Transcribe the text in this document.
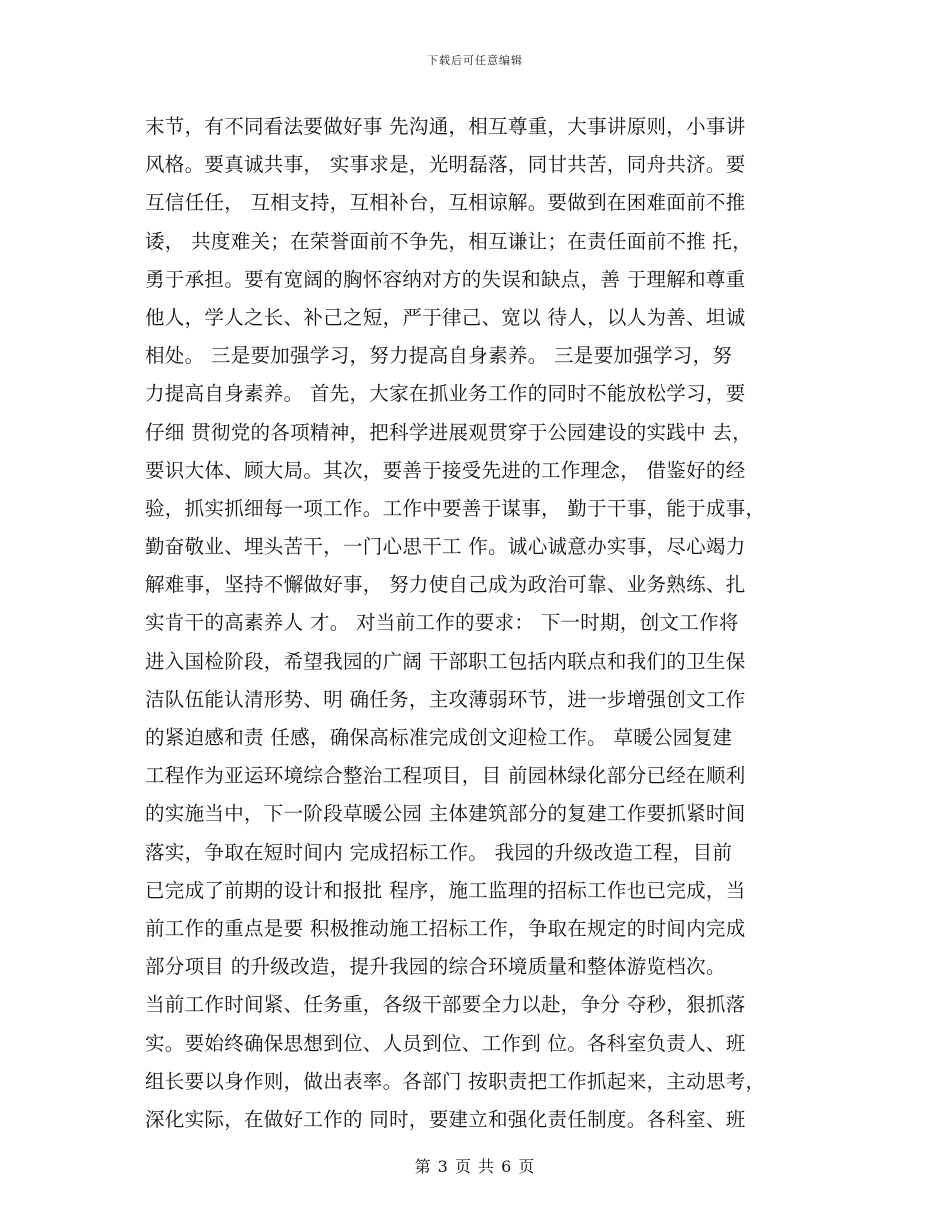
下载后可任意编辑
末节，有不同看法要做好事 先沟通，相互尊重，大事讲原则，小事讲
风格。要真诚共事， 实事求是，光明磊落，同甘共苦，同舟共济。要
互信任任， 互相支持，互相补台，互相谅解。要做到在困难面前不推
诿， 共度难关；在荣誉面前不争先，相互谦让；在责任面前不推 托，
勇于承担。要有宽阔的胸怀容纳对方的失误和缺点，善 于理解和尊重
他人，学人之长、补己之短，严于律己、宽以 待人，以人为善、坦诚
相处。 三是要加强学习，努力提高自身素养。 三是要加强学习，努
力提高自身素养。 首先，大家在抓业务工作的同时不能放松学习，要
仔细 贯彻党的各项精神，把科学进展观贯穿于公园建设的实践中 去，
要识大体、顾大局。其次，要善于接受先进的工作理念， 借鉴好的经
验，抓实抓细每一项工作。工作中要善于谋事， 勤于干事，能于成事，
勤奋敬业、埋头苦干，一门心思干工 作。诚心诚意办实事，尽心竭力
解难事，坚持不懈做好事， 努力使自己成为政治可靠、业务熟练、扎
实肯干的高素养人 才。 对当前工作的要求： 下一时期，创文工作将
进入国检阶段，希望我园的广阔 干部职工包括内联点和我们的卫生保
洁队伍能认清形势、明 确任务，主攻薄弱环节，进一步增强创文工作
的紧迫感和责 任感，确保高标准完成创文迎检工作。 草暖公园复建
工程作为亚运环境综合整治工程项目，目 前园林绿化部分已经在顺利
的实施当中，下一阶段草暖公园 主体建筑部分的复建工作要抓紧时间
落实，争取在短时间内 完成招标工作。 我园的升级改造工程，目前
已完成了前期的设计和报批 程序，施工监理的招标工作也已完成，当
前工作的重点是要 积极推动施工招标工作，争取在规定的时间内完成
部分项目 的升级改造，提升我园的综合环境质量和整体游览档次。
当前工作时间紧、任务重，各级干部要全力以赴，争分 夺秒，狠抓落
实。要始终确保思想到位、人员到位、工作到 位。各科室负责人、班
组长要以身作则，做出表率。各部门 按职责把工作抓起来，主动思考，
深化实际，在做好工作的 同时，要建立和强化责任制度。各科室、班
第 3 页 共 6 页
